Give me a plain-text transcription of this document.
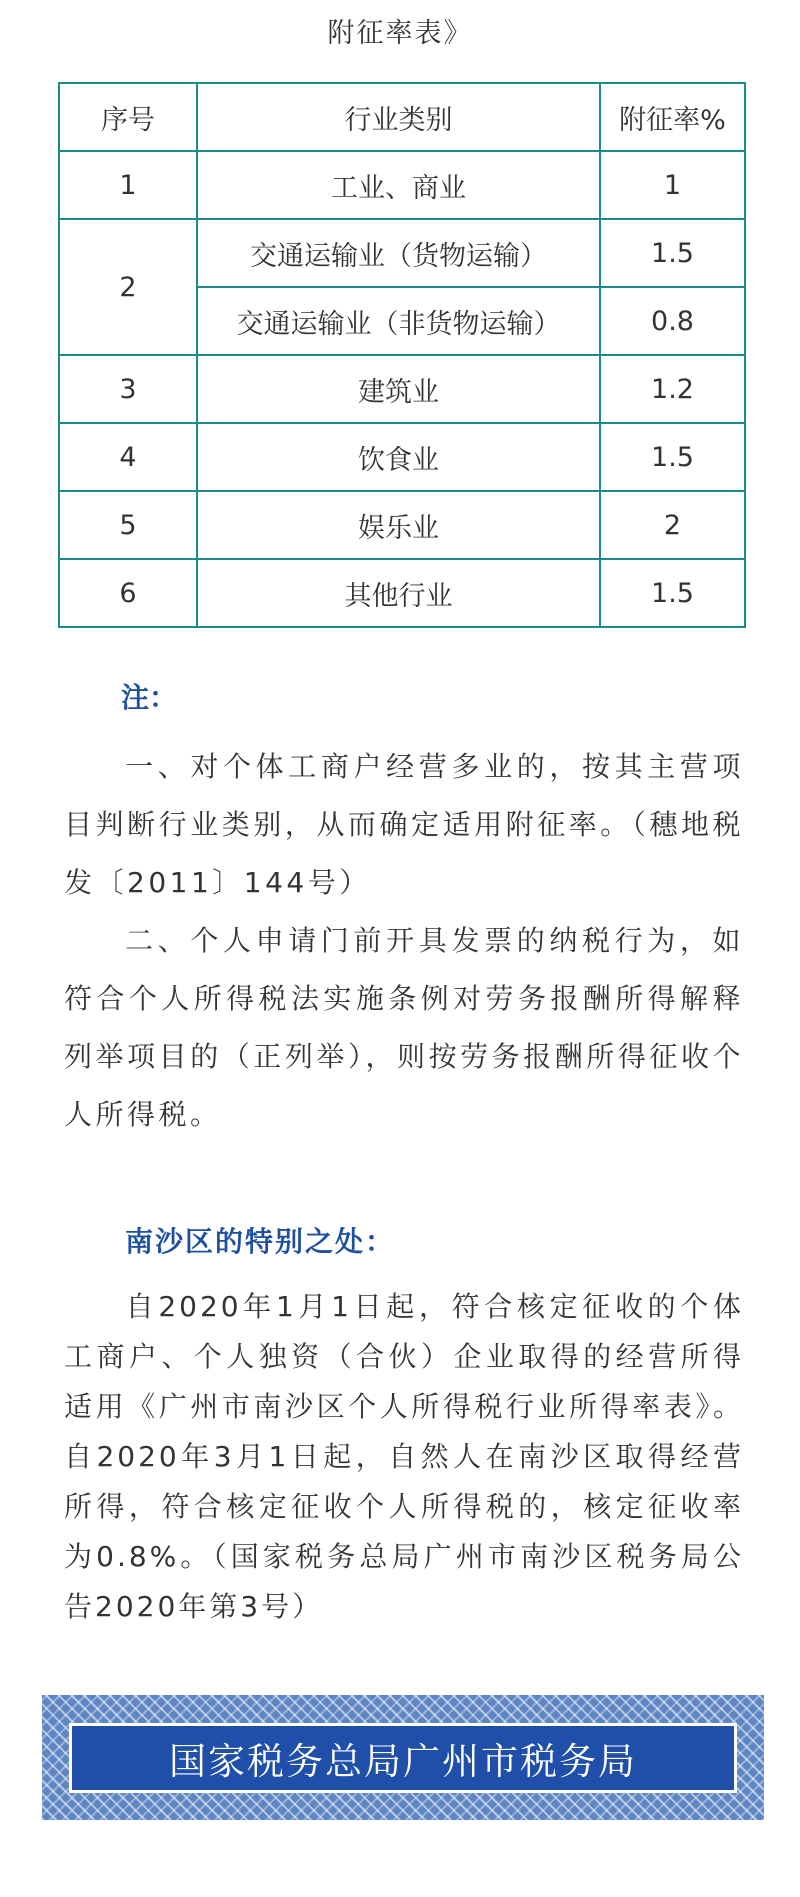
附征率表》
序号	行业类别	附征率%
1	工业、商业	1
2	交通运输业（货物运输）	1.5
	交通运输业（非货物运输）	0.8
3	建筑业	1.2
4	饮食业	1.5
5	娱乐业	2
6	其他行业	1.5
注：
一、对个体工商户经营多业的，按其主营项目判断行业类别，从而确定适用附征率。（穗地税发〔2011〕144号）
二、个人申请门前开具发票的纳税行为，如符合个人所得税法实施条例对劳务报酬所得解释列举项目的（正列举），则按劳务报酬所得征收个人所得税。
南沙区的特别之处：
自2020年1月1日起，符合核定征收的个体工商户、个人独资（合伙）企业取得的经营所得适用《广州市南沙区个人所得税行业所得率表》。自2020年3月1日起，自然人在南沙区取得经营所得，符合核定征收个人所得税的，核定征收率为0.8%。（国家税务总局广州市南沙区税务局公告2020年第3号）
国家税务总局广州市税务局
